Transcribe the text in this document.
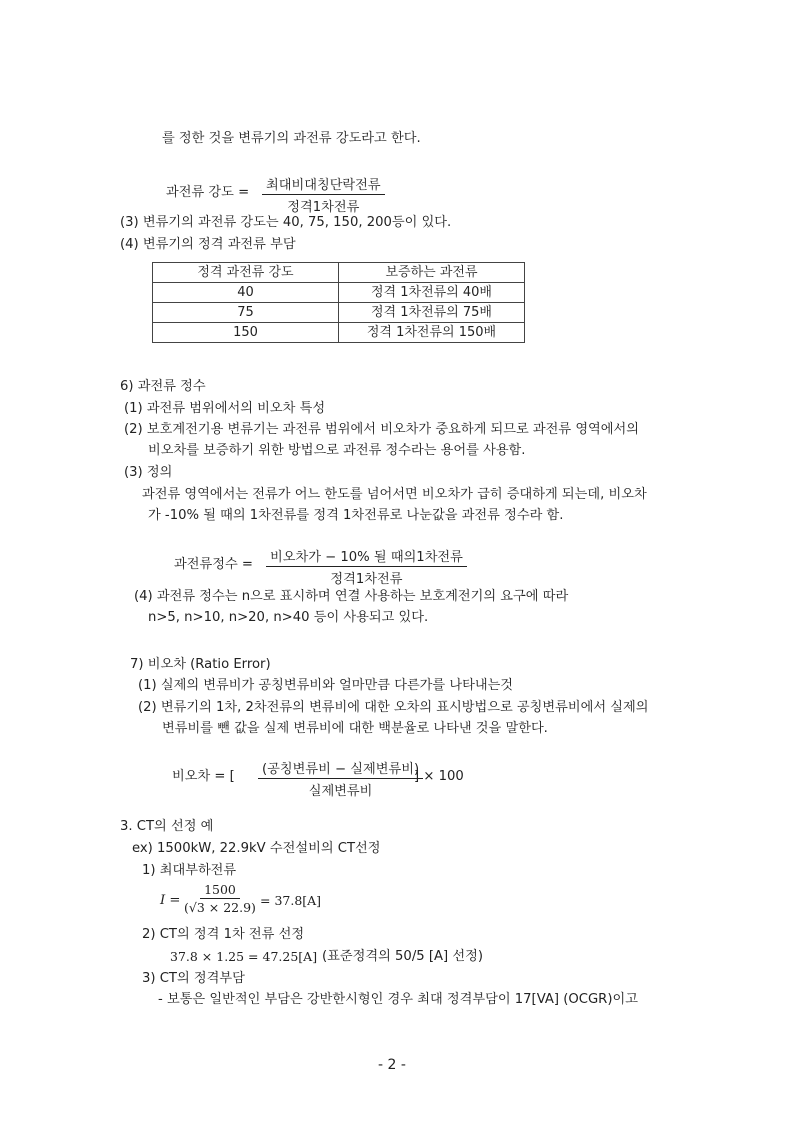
를 정한 것을 변류기의 과전류 강도라고 한다.
과전류 강도 =	최대비대칭단락전류
정격1차전류
(3) 변류기의 과전류 강도는 40, 75, 150, 200등이 있다.
(4) 변류기의 정격 과전류 부담
정격 과전류 강도	보증하는 과전류
40	정격 1차전류의 40배
75	정격 1차전류의 75배
150	정격 1차전류의 150배
6) 과전류 정수
(1) 과전류 범위에서의 비오차 특성
(2) 보호계전기용 변류기는 과전류 범위에서 비오차가 중요하게 되므로 과전류 영역에서의
비오차를 보증하기 위한 방법으로 과전류 정수라는 용어를 사용함.
(3) 정의
과전류 영역에서는 전류가 어느 한도를 넘어서면 비오차가 급히 증대하게 되는데, 비오차
가 -10% 될 때의 1차전류를 정격 1차전류로 나눈값을 과전류 정수라 함.
과전류정수 =	비오차가 − 10% 될 때의1차전류
정격1차전류
(4) 과전류 정수는 n으로 표시하며 연결 사용하는 보호계전기의 요구에 따라
n>5, n>10, n>20, n>40 등이 사용되고 있다.
7) 비오차 (Ratio Error)
(1) 실제의 변류비가 공칭변류비와 얼마만큼 다른가를 나타내는것
(2) 변류기의 1차, 2차전류의 변류비에 대한 오차의 표시방법으로 공칭변류비에서 실제의
변류비를 뺀 값을 실제 변류비에 대한 백분율로 나타낸 것을 말한다.
비오차 = [	(공칭변류비 − 실제변류비)
실제변류비
] × 100
3. CT의 선정 예
ex) 1500kW, 22.9kV 수전설비의 CT선정
1) 최대부하전류
$I = \frac{1500}{(√3 \times 22.9)} = 37.8[A]$
2) CT의 정격 1차 전류 선정
37.8 × 1.25 = 47.25[A] (표준정격의 50/5 [A] 선정)
3) CT의 정격부담
- 보통은 일반적인 부담은 강반한시형인 경우 최대 정격부담이 17[VA] (OCGR)이고
- 2 -
